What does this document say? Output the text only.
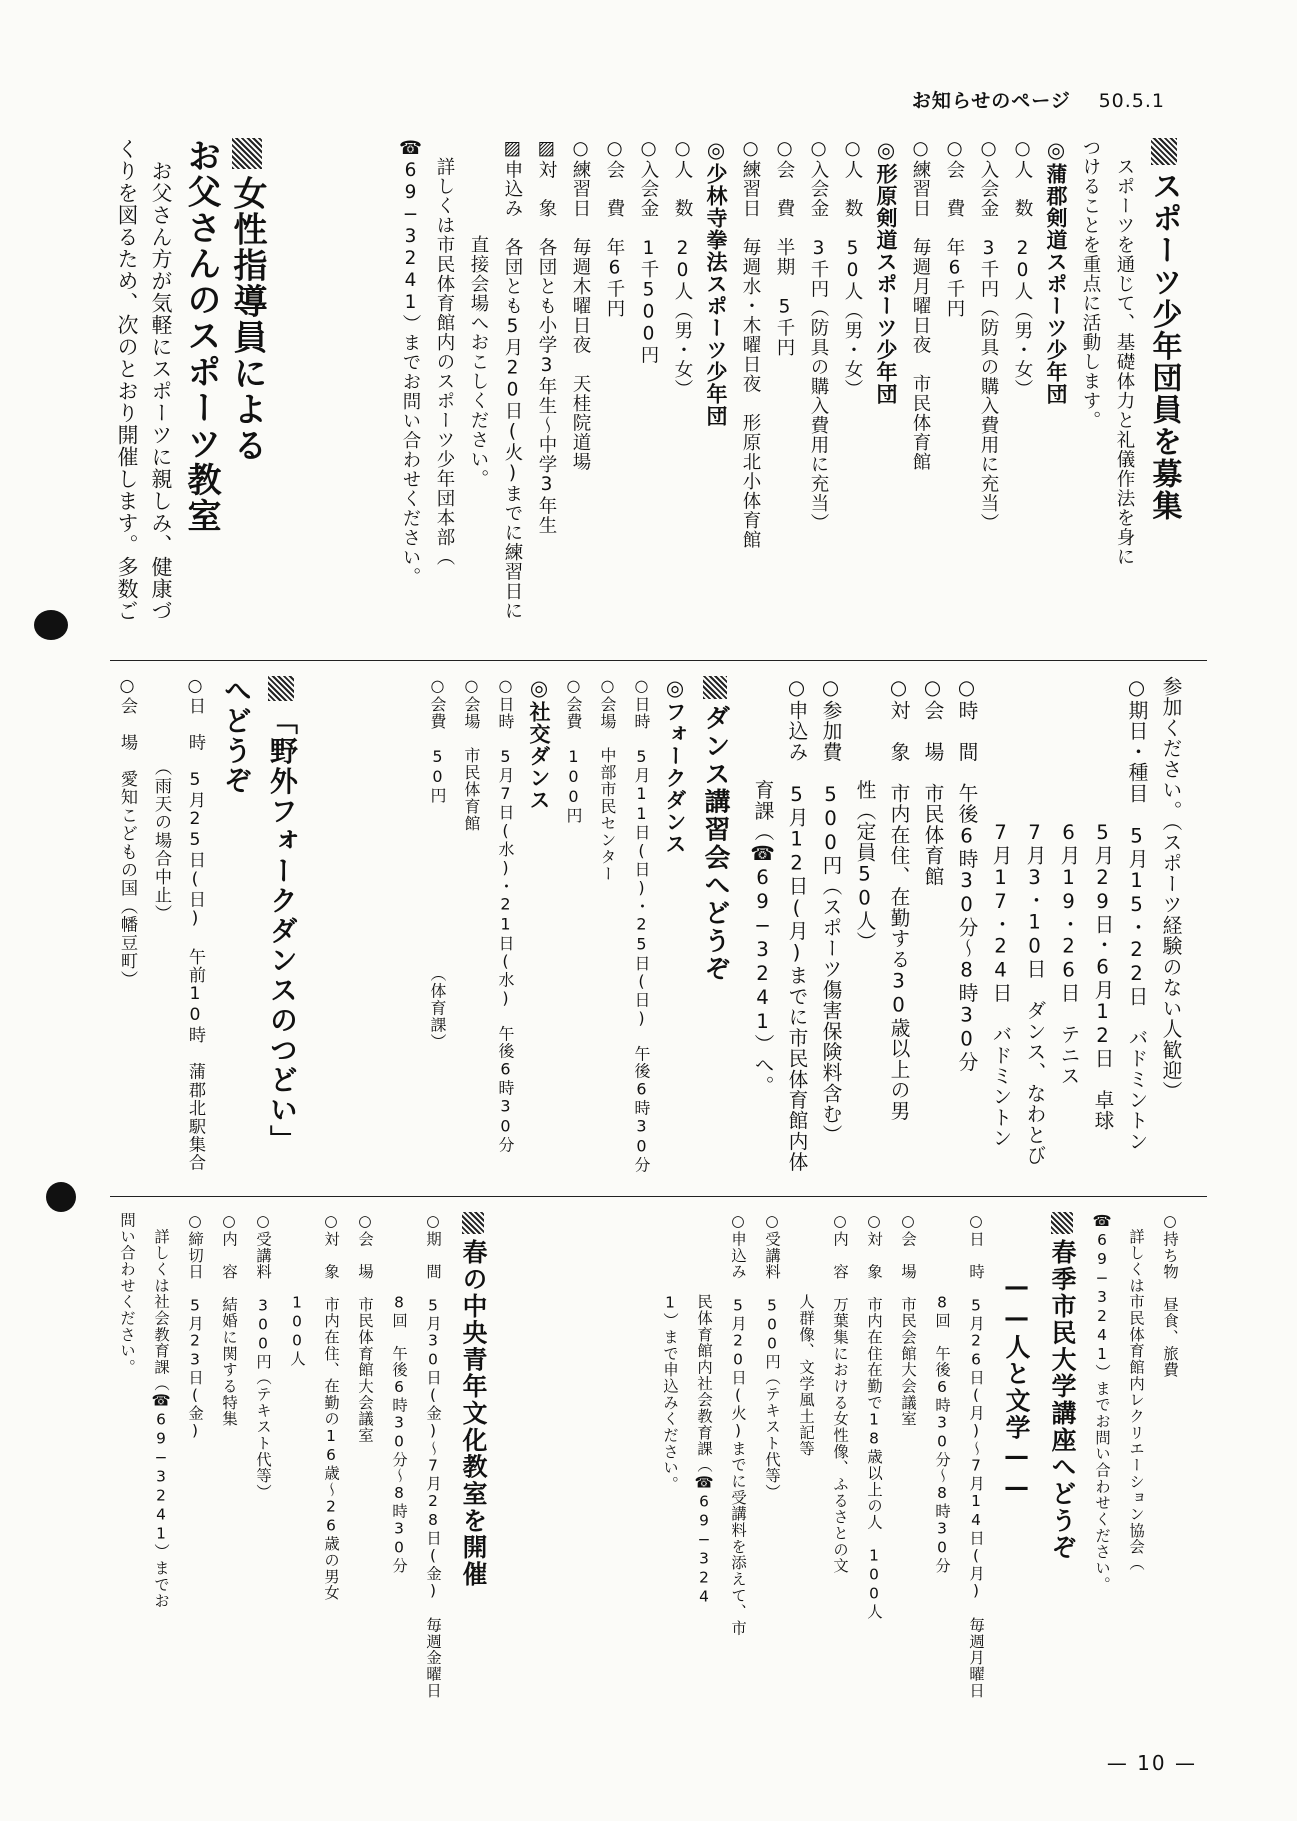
お知らせのページ 50.5.1

スポーツ少年団員を募集

　スポーツを通じて、基礎体力と礼儀作法を身に

つけることを重点に活動します。

◎蒲郡剣道スポーツ少年団

○人　数　20人（男・女）

○入会金　3千円（防具の購入費用に充当）

○会　費　年6千円

○練習日　毎週月曜日夜　市民体育館

◎形原剣道スポーツ少年団

○人　数　50人（男・女）

○入会金　3千円（防具の購入費用に充当）

○会　費　半期　5千円

○練習日　毎週水・木曜日夜　形原北小体育館

◎少林寺拳法スポーツ少年団

○人　数　20人（男・女）

○入会金　1千500円

○会　費　年6千円

○練習日　毎週木曜日夜　天桂院道場

▨対　象　各団とも小学3年生〜中学3年生

▨申込み　各団とも5月20日(火)までに練習日に

　　　　　直接会場へおこしください。

　詳しくは市民体育館内のスポーツ少年団本部（

☎69−3241）までお問い合わせください。

女性指導員による

お父さんのスポーツ教室

　お父さん方が気軽にスポーツに親しみ、健康づ

くりを図るため、次のとおり開催します。多数ご

参加ください。（スポーツ経験のない人歓迎）

○期日・種目　5月15・22日　バドミントン

　　　　　　　5月29日・6月12日　卓球

　　　　　　　6月19・26日　テニス

　　　　　　　7月3・10日　ダンス、なわとび

　　　　　　　7月17・24日　バドミントン

○時　間　午後6時30分〜8時30分

○会　場　市民体育館

○対　象　市内在住、在勤する30歳以上の男

　　　　　性（定員50人）

○参加費　500円（スポーツ傷害保険料含む）

○申込み　5月12日(月)までに市民体育館内体

　　　　　育課（☎69−3241）へ。

ダンス講習会へどうぞ

◎フォークダンス

○日時　5月11日(日)・25日(日)　午後6時30分

○会場　中部市民センター

○会費　100円

◎社交ダンス

○日時　5月7日(水)・21日(水)　午後6時30分

○会場　市民体育館

○会費　50円　　　　　　　　　　（体育課）

「野外フォークダンスのつどい」

へどうぞ

○日　時　5月25日(日)　午前10時　蒲郡北駅集合

　　　　　（雨天の場合中止）

○会　場　愛知こどもの国（幡豆町）

○持ち物　昼食、旅費

　詳しくは市民体育館内レクリエーション協会（

☎69−3241）までお問い合わせください。

春季市民大学講座へどうぞ

——人と文学——

○日　時　5月26日(月)〜7月14日(月)　毎週月曜日

　　　　　8回　午後6時30分〜8時30分

○会　場　市民会館大会議室

○対　象　市内在住在勤で18歳以上の人　100人

○内　容　万葉集における女性像、ふるさとの文

　　　　　人群像、文学風土記等

○受講料　500円（テキスト代等）

○申込み　5月20日(火)までに受講料を添えて、市

　　　　　民体育館内社会教育課（☎69−324

　　　　　1）まで申込みください。

春の中央青年文化教室を開催

○期　間　5月30日(金)〜7月28日(金)　毎週金曜日

　　　　　8回　午後6時30分〜8時30分

○会　場　市民体育館大会議室

○対　象　市内在住、在勤の16歳〜26歳の男女

　　　　　100人

○受講料　300円（テキスト代等）

○内　容　結婚に関する特集

○締切日　5月23日(金)

　詳しくは社会教育課（☎69−3241）までお

問い合わせください。

— 10 —
